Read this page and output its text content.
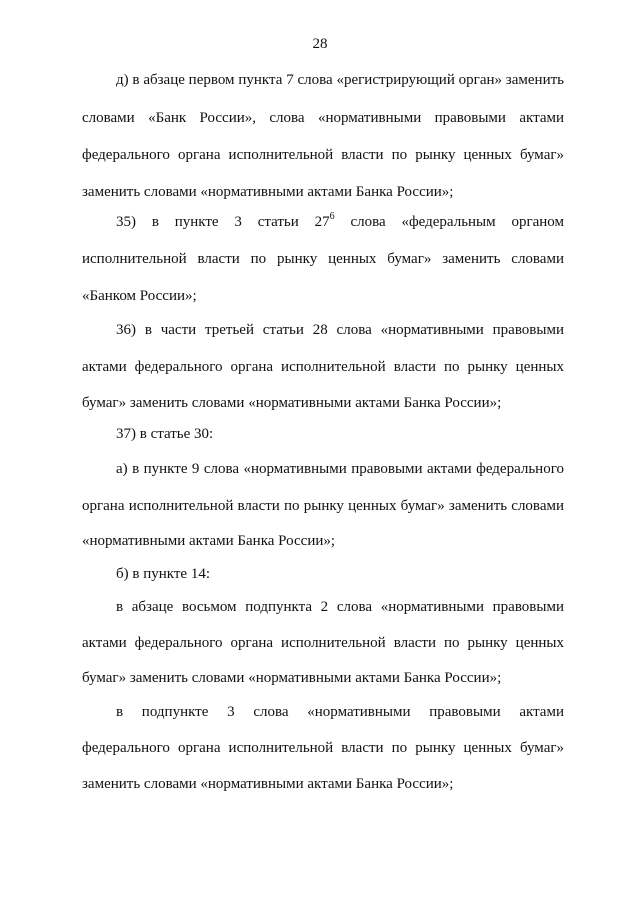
28
д) в абзаце первом пункта 7 слова «регистрирующий орган» заменить
словами «Банк России», слова «нормативными правовыми актами
федерального органа исполнительной власти по рынку ценных бумаг»
заменить словами «нормативными актами Банка России»;
35) в пункте 3 статьи $27^6$ слова «федеральным органом
исполнительной власти по рынку ценных бумаг» заменить словами
«Банком России»;
36) в части третьей статьи 28 слова «нормативными правовыми
актами федерального органа исполнительной власти по рынку ценных
бумаг» заменить словами «нормативными актами Банка России»;
37) в статье 30:
а) в пункте 9 слова «нормативными правовыми актами федерального
органа исполнительной власти по рынку ценных бумаг» заменить словами
«нормативными актами Банка России»;
б) в пункте 14:
в абзаце восьмом подпункта 2 слова «нормативными правовыми
актами федерального органа исполнительной власти по рынку ценных
бумаг» заменить словами «нормативными актами Банка России»;
в подпункте 3 слова «нормативными правовыми актами
федерального органа исполнительной власти по рынку ценных бумаг»
заменить словами «нормативными актами Банка России»;
